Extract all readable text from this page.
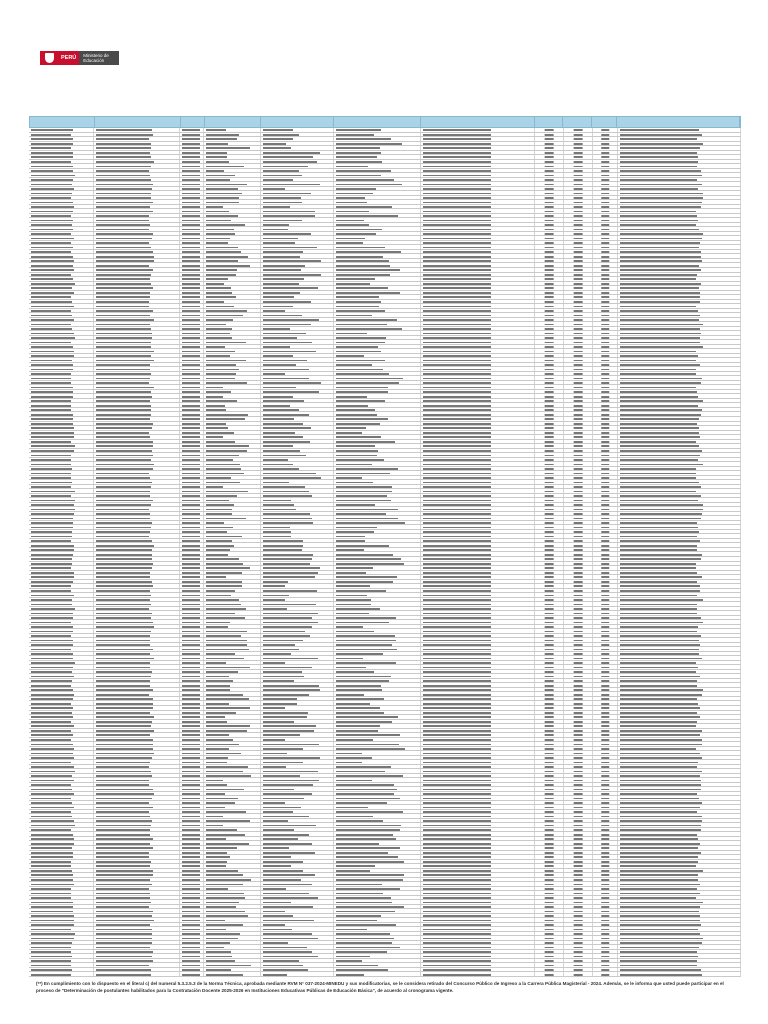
PERÚ	Ministerio de Educación
(**) En cumplimiento con lo dispuesto en el literal c) del numeral 5.3.2.5.3 de la Norma Técnica, aprobada mediante RVM N° 037-2024-MINEDU y sus modificatorias, se le considera retirado del Concurso Público de Ingreso a la Carrera Pública Magisterial - 2024. Además, se le informa que usted puede participar en el proceso de "Determinación de postulantes habilitados para la Contratación Docente 2025-2026 en Instituciones Educativas Públicas de Educación Básica", de acuerdo al cronograma vigente.
